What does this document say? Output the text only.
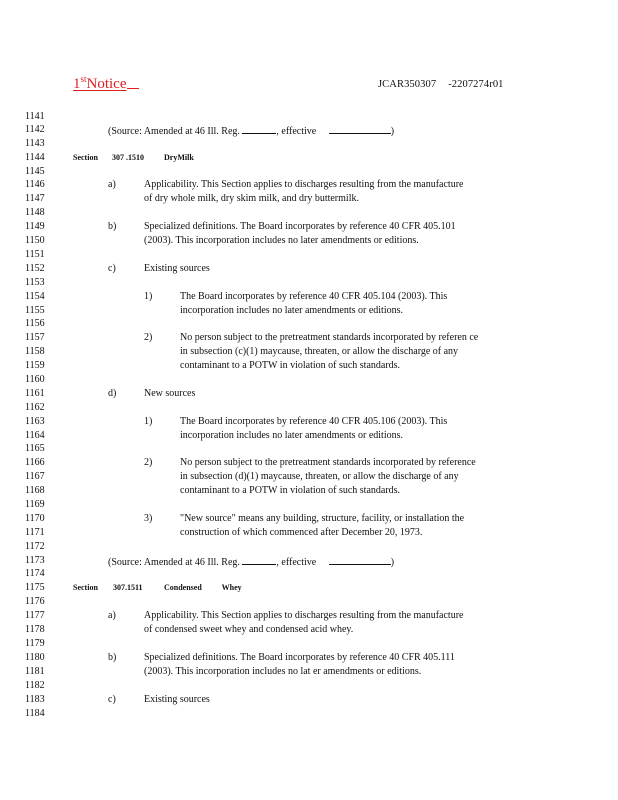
1stNotice	JCAR350307 -2207274r01
1141
1142	(Source: Amended at 46 Ill. Reg.	, effective	)
1143
1144	Section 307 .1510	DryMilk
1145
1146	a)	Applicability. This Section applies to discharges resulting from the manufacture
1147	of dry whole milk, dry skim milk, and dry buttermilk.
1148
1149	b)	Specialized definitions. The Board incorporates by reference 40 CFR 405.101
1150	(2003). This incorporation includes no later amendments or editions.
1151
1152	c)	Existing sources
1153
1154	1)	The Board incorporates by reference 40 CFR 405.104 (2003). This
1155	incorporation includes no later amendments or editions.
1156
1157	2)	No person subject to the pretreatment standards incorporated by referen ce
1158	in subsection (c)(1) maycause, threaten, or allow the discharge of any
1159	contaminant to a POTW in violation of such standards.
1160
1161	d)	New sources
1162
1163	1)	The Board incorporates by reference 40 CFR 405.106 (2003). This
1164	incorporation includes no later amendments or editions.
1165
1166	2)	No person subject to the pretreatment standards incorporated by reference
1167	in subsection (d)(1) maycause, threaten, or allow the discharge of any
1168	contaminant to a POTW in violation of such standards.
1169
1170	3)	"New source" means any building, structure, facility, or installation the
1171	construction of which commenced after December 20, 1973.
1172
1173	(Source: Amended at 46 Ill. Reg.	, effective	)
1174
1175	Section 307.1511	Condensed          Whey
1176
1177	a)	Applicability. This Section applies to discharges resulting from the manufacture
1178	of condensed sweet whey and condensed acid whey.
1179
1180	b)	Specialized definitions. The Board incorporates by reference 40 CFR 405.111
1181	(2003). This incorporation includes no lat er amendments or editions.
1182
1183	c)	Existing sources
1184
